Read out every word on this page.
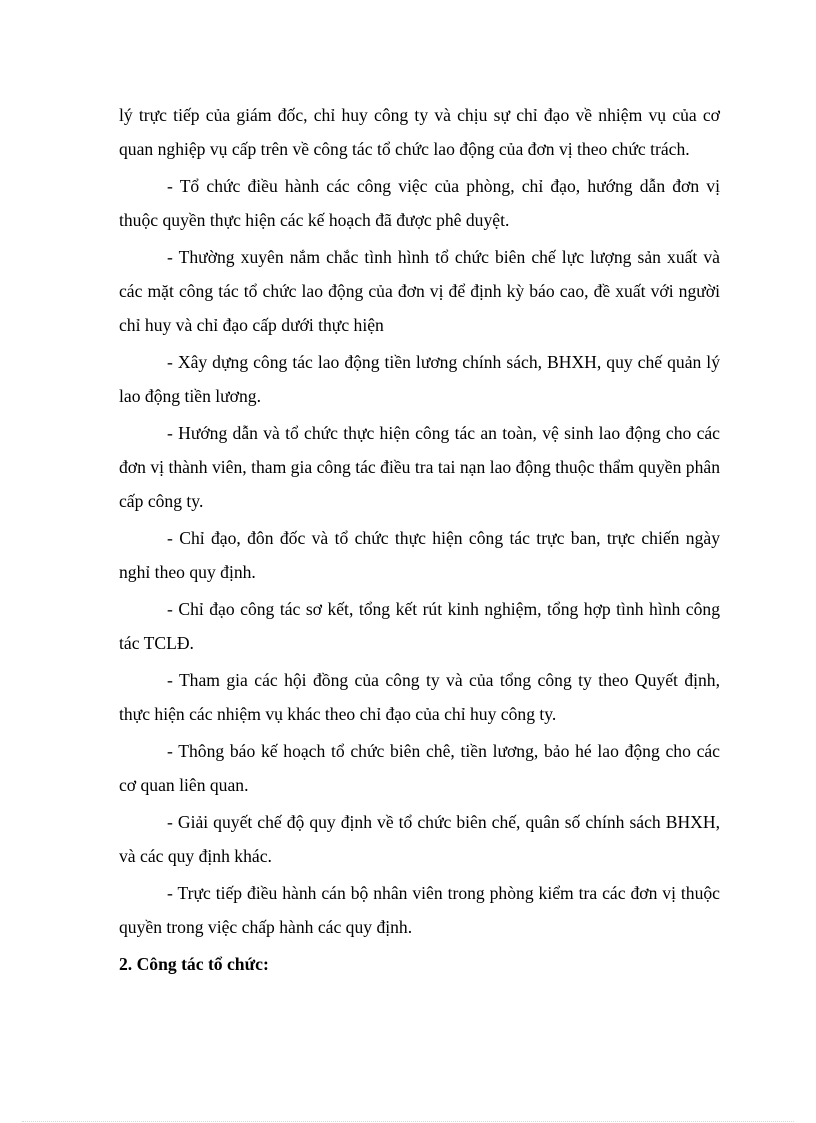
lý trực tiếp của giám đốc, chỉ huy công ty và chịu sự chỉ đạo về nhiệm vụ của cơ quan nghiệp vụ cấp trên về công tác tổ chức lao động của đơn vị theo chức trách.

- Tổ chức điều hành các công việc của phòng, chỉ đạo, hướng dẫn đơn vị thuộc quyền thực hiện các kế hoạch đã được phê duyệt.

- Thường xuyên nắm chắc tình hình tổ chức biên chế lực lượng sản xuất và các mặt công tác tổ chức lao động của đơn vị để định kỳ báo cao, đề xuất với người chỉ huy và chỉ đạo cấp dưới thực hiện

- Xây dựng công tác lao động tiền lương chính sách, BHXH, quy chế quản lý lao động tiền lương.

- Hướng dẫn và tổ chức thực hiện công tác an toàn, vệ sinh lao động cho các đơn vị thành viên, tham gia công tác điều tra tai nạn lao động thuộc thẩm quyền phân cấp công ty.

- Chỉ đạo, đôn đốc và tổ chức thực hiện công tác trực ban, trực chiến ngày nghỉ theo quy định.

- Chỉ đạo công tác sơ kết, tổng kết rút kinh nghiệm, tổng hợp tình hình công tác TCLĐ.

- Tham gia các hội đồng của công ty và của tổng công ty theo Quyết định, thực hiện các nhiệm vụ khác theo chỉ đạo của chỉ huy công ty.

- Thông báo kế hoạch tổ chức biên chê, tiền lương, bảo hé lao động cho các cơ quan liên quan.

- Giải quyết chế độ quy định về tổ chức biên chế, quân số chính sách BHXH, và các quy định khác.

- Trực tiếp điều hành cán bộ nhân viên trong phòng kiểm tra các đơn vị thuộc quyền trong việc chấp hành các quy định.

2. Công tác tổ chức:
